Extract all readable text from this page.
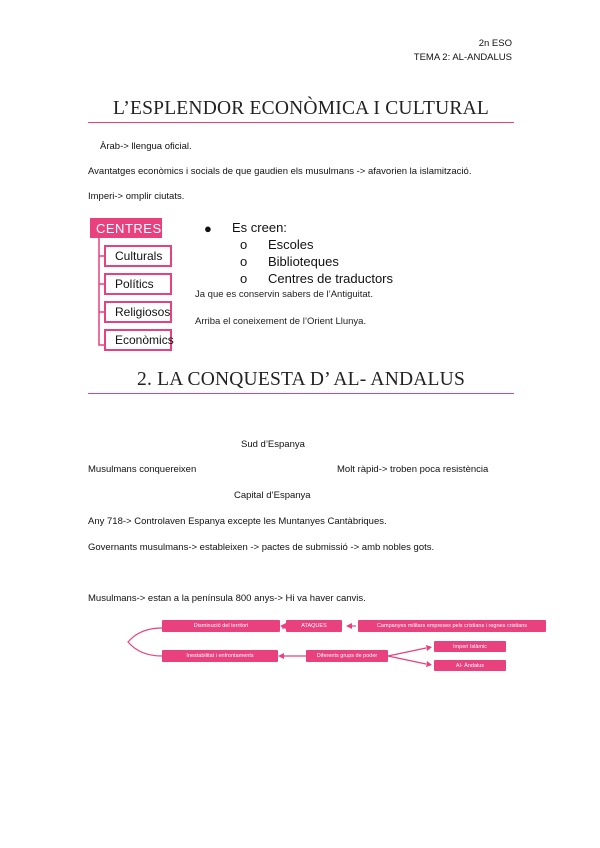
2n ESO
TEMA 2: AL-ANDALUS
L’ESPLENDOR ECONÒMICA I CULTURAL
Àrab-> llengua oficial.
Avantatges econòmics i socials de que gaudien els musulmans -> afavorien la islamització.
Imperi-> omplir ciutats.
CENTRES
Culturals
Polítics
Religiosos
Econòmics
● Es creen:
o Escoles
o Biblioteques
o Centres de traductors
Ja que es conservin sabers de l’Antiguitat.
Arriba el coneixement de l’Orient Llunya.
2. LA CONQUESTA D’ AL- ANDALUS
Sud d’Espanya
Musulmans conquereixen	Molt ràpid-> troben poca resistència
Capital d’Espanya
Any 718-> Controlaven Espanya excepte les Muntanyes Cantàbriques.
Governants musulmans-> estableixen -> pactes de submissió -> amb nobles gots.
Musulmans-> estan a la península 800 anys-> Hi va haver canvis.
Disminució del territori	ATAQUES	Campanyes militars empreses pels cristians i regnes cristians
Inestabilitat i enfrontaments	Diferents grups de poder
Imperi Islàmic
Al- Àndalus
